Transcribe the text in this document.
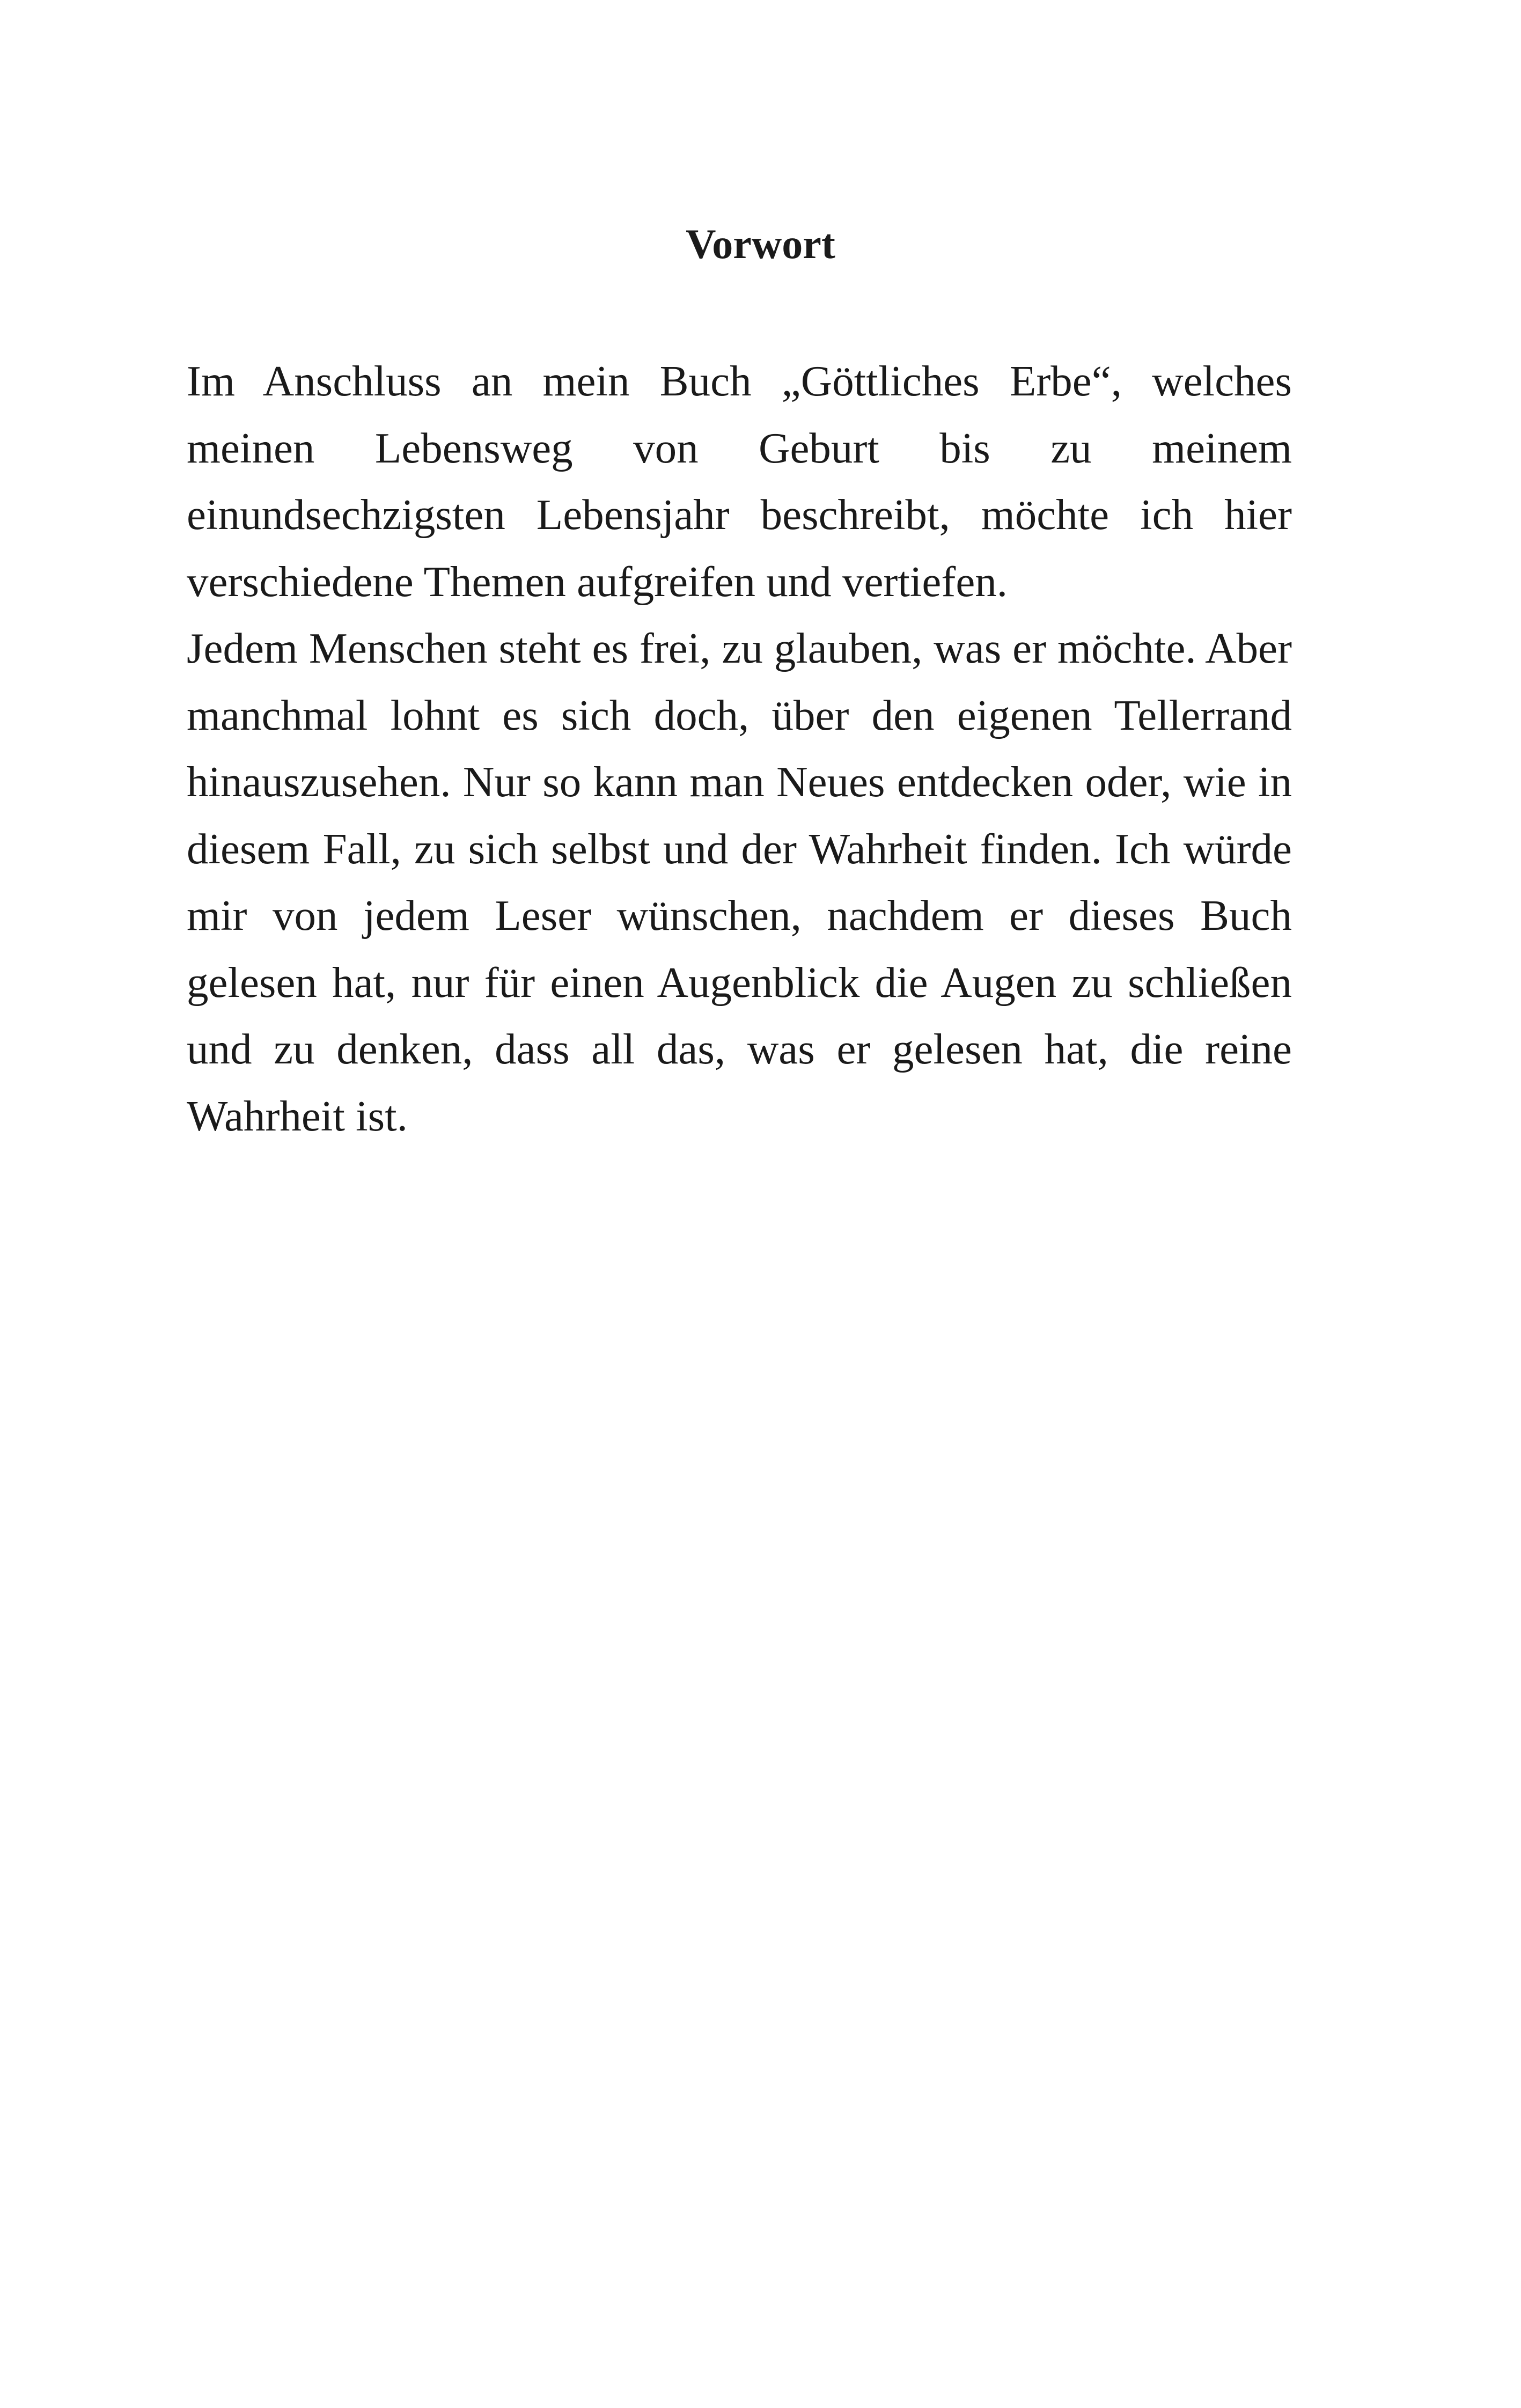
Vorwort

Im Anschluss an mein Buch „Göttliches Erbe“, welches meinen Lebensweg von Geburt bis zu meinem einundsechzigsten Lebensjahr beschreibt, möchte ich hier verschiedene Themen aufgreifen und vertiefen.

Jedem Menschen steht es frei, zu glauben, was er möchte. Aber manchmal lohnt es sich doch, über den eigenen Tellerrand hinauszusehen. Nur so kann man Neues entdecken oder, wie in diesem Fall, zu sich selbst und der Wahrheit finden. Ich würde mir von jedem Leser wünschen, nachdem er dieses Buch gelesen hat, nur für einen Augenblick die Augen zu schließen und zu denken, dass all das, was er gelesen hat, die reine Wahrheit ist.
